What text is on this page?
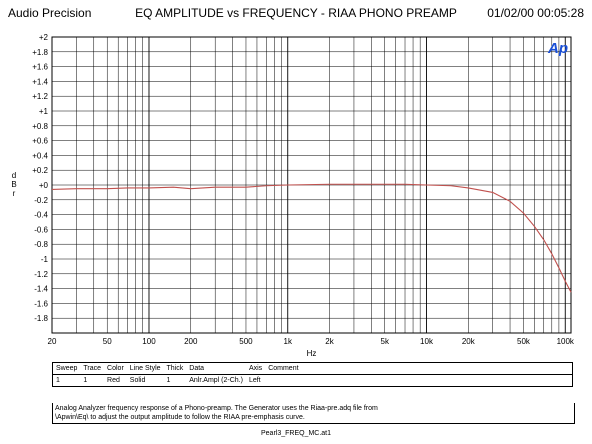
Audio Precision	EQ AMPLITUDE vs FREQUENCY - RIAA PHONO PREAMP	01/02/00 00:05:28
+2
+1.8
+1.6
+1.4
+1.2
+1
+0.8
+0.6
+0.4
+0.2
+0
-0.2
-0.4
-0.6
-0.8
-1
-1.2
-1.4
-1.6
-1.8
20	50	100	200	500	1k	2k	5k	10k	20k	50k	100k
d
B
r
Hz
Ap
Sweep	Trace	Color	Line Style	Thick	Data	Axis	Comment	
1	1	Red	Solid	1	Anlr.Ampl (2-Ch.)	Left		
Analog Analyzer frequency response of a Phono-preamp. The Generator uses the Riaa-pre.adq file from
\Apwin\Eq\ to adjust the output amplitude to follow the RIAA pre-emphasis curve.
Pearl3_FREQ_MC.at1
